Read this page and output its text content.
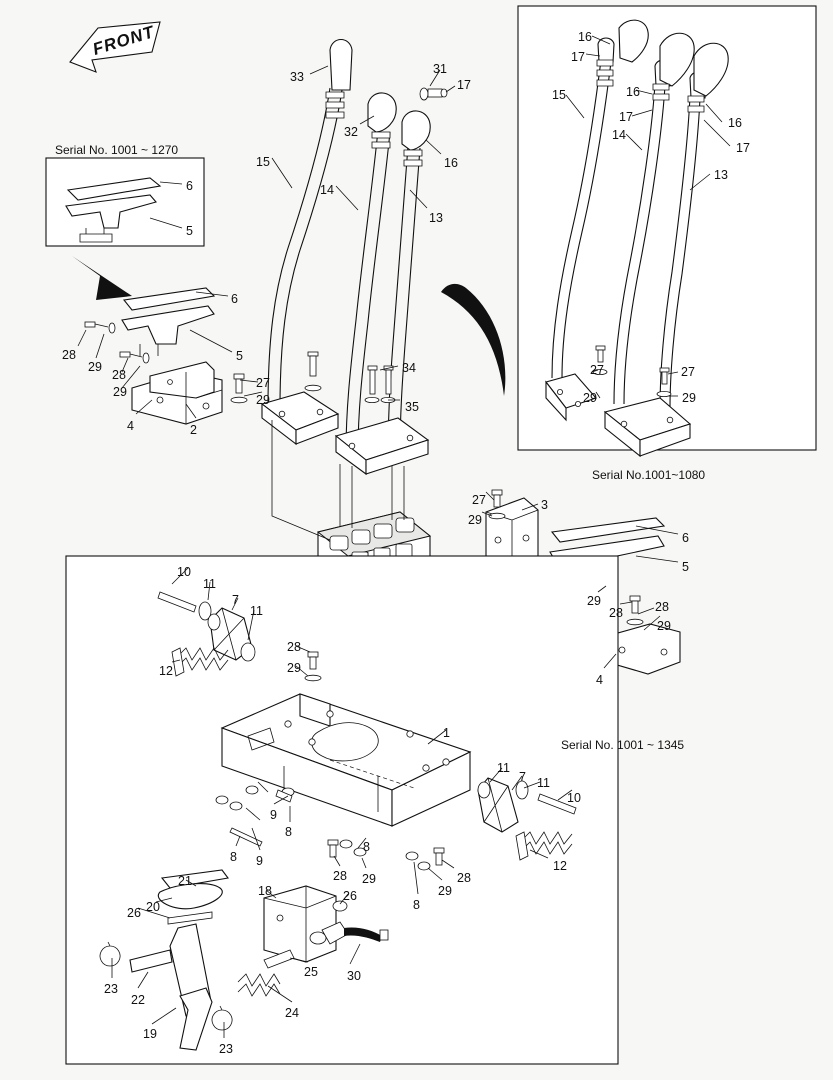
FRONT
Serial No. 1001 ~ 1270
Serial No.1001~1080
Serial No. 1001 ~ 1345
33
31
17
32
16
15
14
13
16
17
16
15
17	16
14
17
13
6
5
6
28
29
28
5
27
29
29
34
35
4	2
27	27
29	29
27	3
29
6
5
29
28	28
29
4
10
11
7
11
12
28
29
1
11
7 11
10
9
8
8 9
8
28 29
12
28
29
8
21
20
26
18	26
30
23
22
25
24
19
23
